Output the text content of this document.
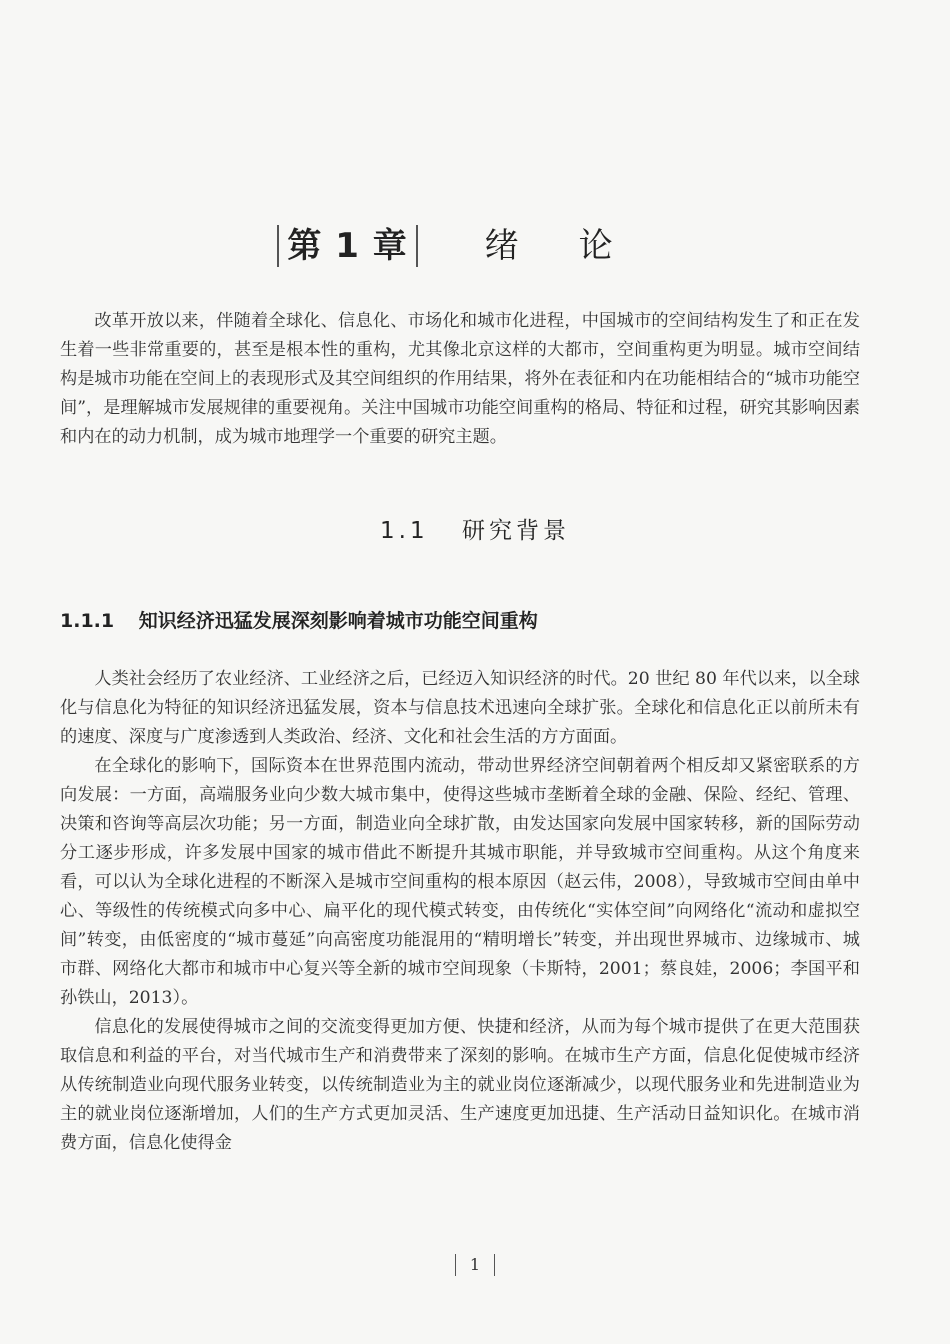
第 1 章 绪论

改革开放以来，伴随着全球化、信息化、市场化和城市化进程，中国城市的空间结构发生了和正在发生着一些非常重要的，甚至是根本性的重构，尤其像北京这样的大都市，空间重构更为明显。城市空间结构是城市功能在空间上的表现形式及其空间组织的作用结果，将外在表征和内在功能相结合的“城市功能空间”，是理解城市发展规律的重要视角。关注中国城市功能空间重构的格局、特征和过程，研究其影响因素和内在的动力机制，成为城市地理学一个重要的研究主题。

1.1 研究背景
1.1.1 知识经济迅猛发展深刻影响着城市功能空间重构

人类社会经历了农业经济、工业经济之后，已经迈入知识经济的时代。20 世纪 80 年代以来，以全球化与信息化为特征的知识经济迅猛发展，资本与信息技术迅速向全球扩张。全球化和信息化正以前所未有的速度、深度与广度渗透到人类政治、经济、文化和社会生活的方方面面。

在全球化的影响下，国际资本在世界范围内流动，带动世界经济空间朝着两个相反却又紧密联系的方向发展：一方面，高端服务业向少数大城市集中，使得这些城市垄断着全球的金融、保险、经纪、管理、决策和咨询等高层次功能；另一方面，制造业向全球扩散，由发达国家向发展中国家转移，新的国际劳动分工逐步形成，许多发展中国家的城市借此不断提升其城市职能，并导致城市空间重构。从这个角度来看，可以认为全球化进程的不断深入是城市空间重构的根本原因（赵云伟，2008），导致城市空间由单中心、等级性的传统模式向多中心、扁平化的现代模式转变，由传统化“实体空间”向网络化“流动和虚拟空间”转变，由低密度的“城市蔓延”向高密度功能混用的“精明增长”转变，并出现世界城市、边缘城市、城市群、网络化大都市和城市中心复兴等全新的城市空间现象（卡斯特，2001；蔡良娃，2006；李国平和孙铁山，2013）。

信息化的发展使得城市之间的交流变得更加方便、快捷和经济，从而为每个城市提供了在更大范围获取信息和利益的平台，对当代城市生产和消费带来了深刻的影响。在城市生产方面，信息化促使城市经济从传统制造业向现代服务业转变，以传统制造业为主的就业岗位逐渐减少，以现代服务业和先进制造业为主的就业岗位逐渐增加，人们的生产方式更加灵活、生产速度更加迅捷、生产活动日益知识化。在城市消费方面，信息化使得金

1
